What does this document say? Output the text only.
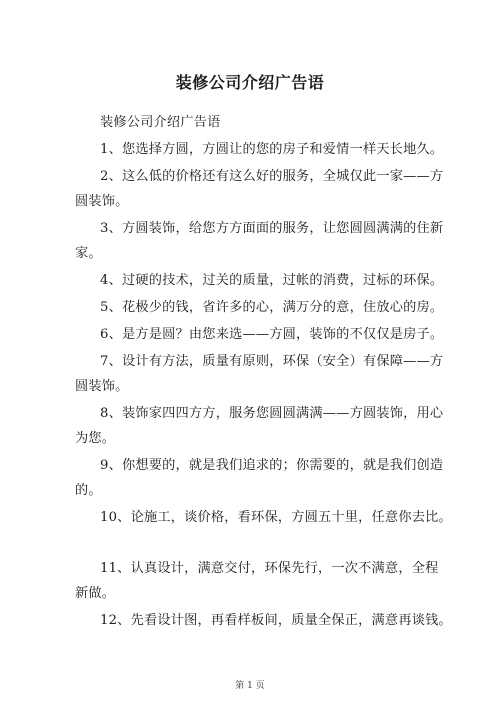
装修公司介绍广告语

装修公司介绍广告语

1、您选择方圆，方圆让的您的房子和爱情一样天长地久。

2、这么低的价格还有这么好的服务，全城仅此一家——方

圆装饰。

3、方圆装饰，给您方方面面的服务，让您圆圆满满的住新

家。

4、过硬的技术，过关的质量，过帐的消费，过标的环保。

5、花极少的钱，省许多的心，满万分的意，住放心的房。

6、是方是圆？由您来选——方圆，装饰的不仅仅是房子。

7、设计有方法，质量有原则，环保（安全）有保障——方

圆装饰。

8、装饰家四四方方，服务您圆圆满满——方圆装饰，用心

为您。

9、你想要的，就是我们追求的；你需要的，就是我们创造

的。

10、论施工，谈价格，看环保，方圆五十里，任意你去比。

11、认真设计，满意交付，环保先行，一次不满意，全程

新做。

12、先看设计图，再看样板间，质量全保正，满意再谈钱。

第 1 页
